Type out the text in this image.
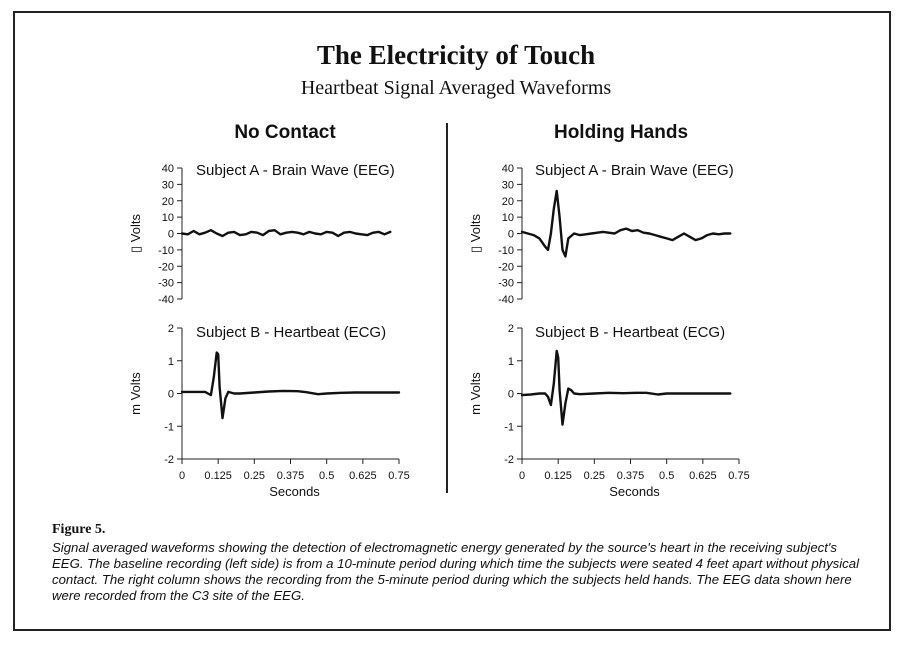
The Electricity of Touch
Heartbeat Signal Averaged Waveforms
No Contact	Holding Hands
Subject A - Brain Wave (EEG)
40
30
20
10
0
-10
-20
-30
-40
▯ Volts
Subject A - Brain Wave (EEG)
40
30
20
10
0
-10
-20
-30
-40
▯ Volts
Subject B - Heartbeat (ECG)
2
1
0
-1
-2
m Volts
0 0.125 0.25 0.375 0.5 0.625 0.75
Seconds
Subject B - Heartbeat (ECG)
2
1
0
-1
-2
m Volts
0 0.125 0.25 0.375 0.5 0.625 0.75
Seconds
Figure 5.
Signal averaged waveforms showing the detection of electromagnetic energy generated by the source's heart in the receiving subject's EEG. The baseline recording (left side) is from a 10-minute period during which time the subjects were seated 4 feet apart without physical contact. The right column shows the recording from the 5-minute period during which the subjects held hands. The EEG data shown here were recorded from the C3 site of the EEG.
